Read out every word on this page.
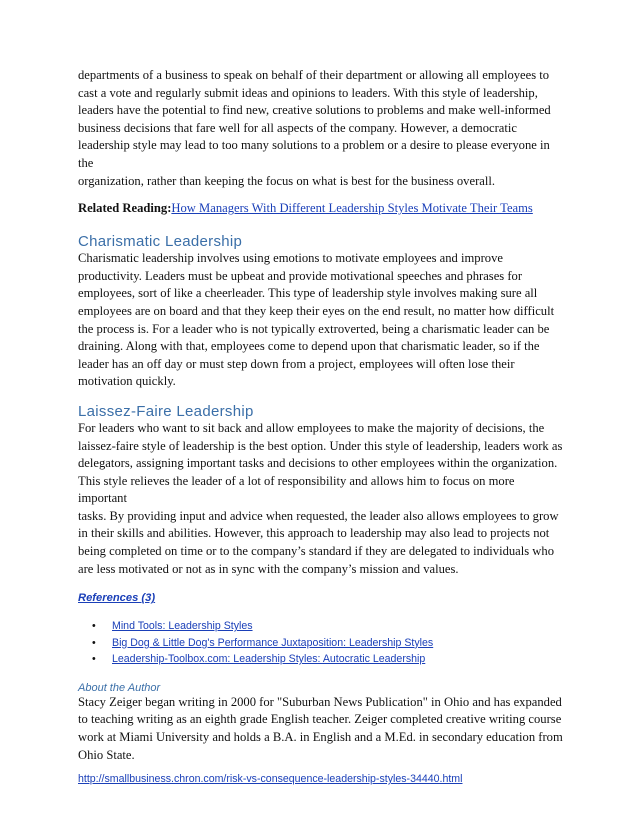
departments of a business to speak on behalf of their department or allowing all employees to
cast a vote and regularly submit ideas and opinions to leaders. With this style of leadership,
leaders have the potential to find new, creative solutions to problems and make well-informed
business decisions that fare well for all aspects of the company. However, a democratic
leadership style may lead to too many solutions to a problem or a desire to please everyone in the
organization, rather than keeping the focus on what is best for the business overall.

Related Reading:How Managers With Different Leadership Styles Motivate Their Teams

Charismatic Leadership

Charismatic leadership involves using emotions to motivate employees and improve
productivity. Leaders must be upbeat and provide motivational speeches and phrases for
employees, sort of like a cheerleader. This type of leadership style involves making sure all
employees are on board and that they keep their eyes on the end result, no matter how difficult
the process is. For a leader who is not typically extroverted, being a charismatic leader can be
draining. Along with that, employees come to depend upon that charismatic leader, so if the
leader has an off day or must step down from a project, employees will often lose their
motivation quickly.

Laissez-Faire Leadership

For leaders who want to sit back and allow employees to make the majority of decisions, the
laissez-faire style of leadership is the best option. Under this style of leadership, leaders work as
delegators, assigning important tasks and decisions to other employees within the organization.
This style relieves the leader of a lot of responsibility and allows him to focus on more important
tasks. By providing input and advice when requested, the leader also allows employees to grow
in their skills and abilities. However, this approach to leadership may also lead to projects not
being completed on time or to the company’s standard if they are delegated to individuals who
are less motivated or not as in sync with the company’s mission and values.

References (3)
• Mind Tools: Leadership Styles
• Big Dog & Little Dog's Performance Juxtaposition: Leadership Styles
• Leadership-Toolbox.com: Leadership Styles: Autocratic Leadership
About the Author

Stacy Zeiger began writing in 2000 for "Suburban News Publication" in Ohio and has expanded
to teaching writing as an eighth grade English teacher. Zeiger completed creative writing course
work at Miami University and holds a B.A. in English and a M.Ed. in secondary education from
Ohio State.

http://smallbusiness.chron.com/risk-vs-consequence-leadership-styles-34440.html
